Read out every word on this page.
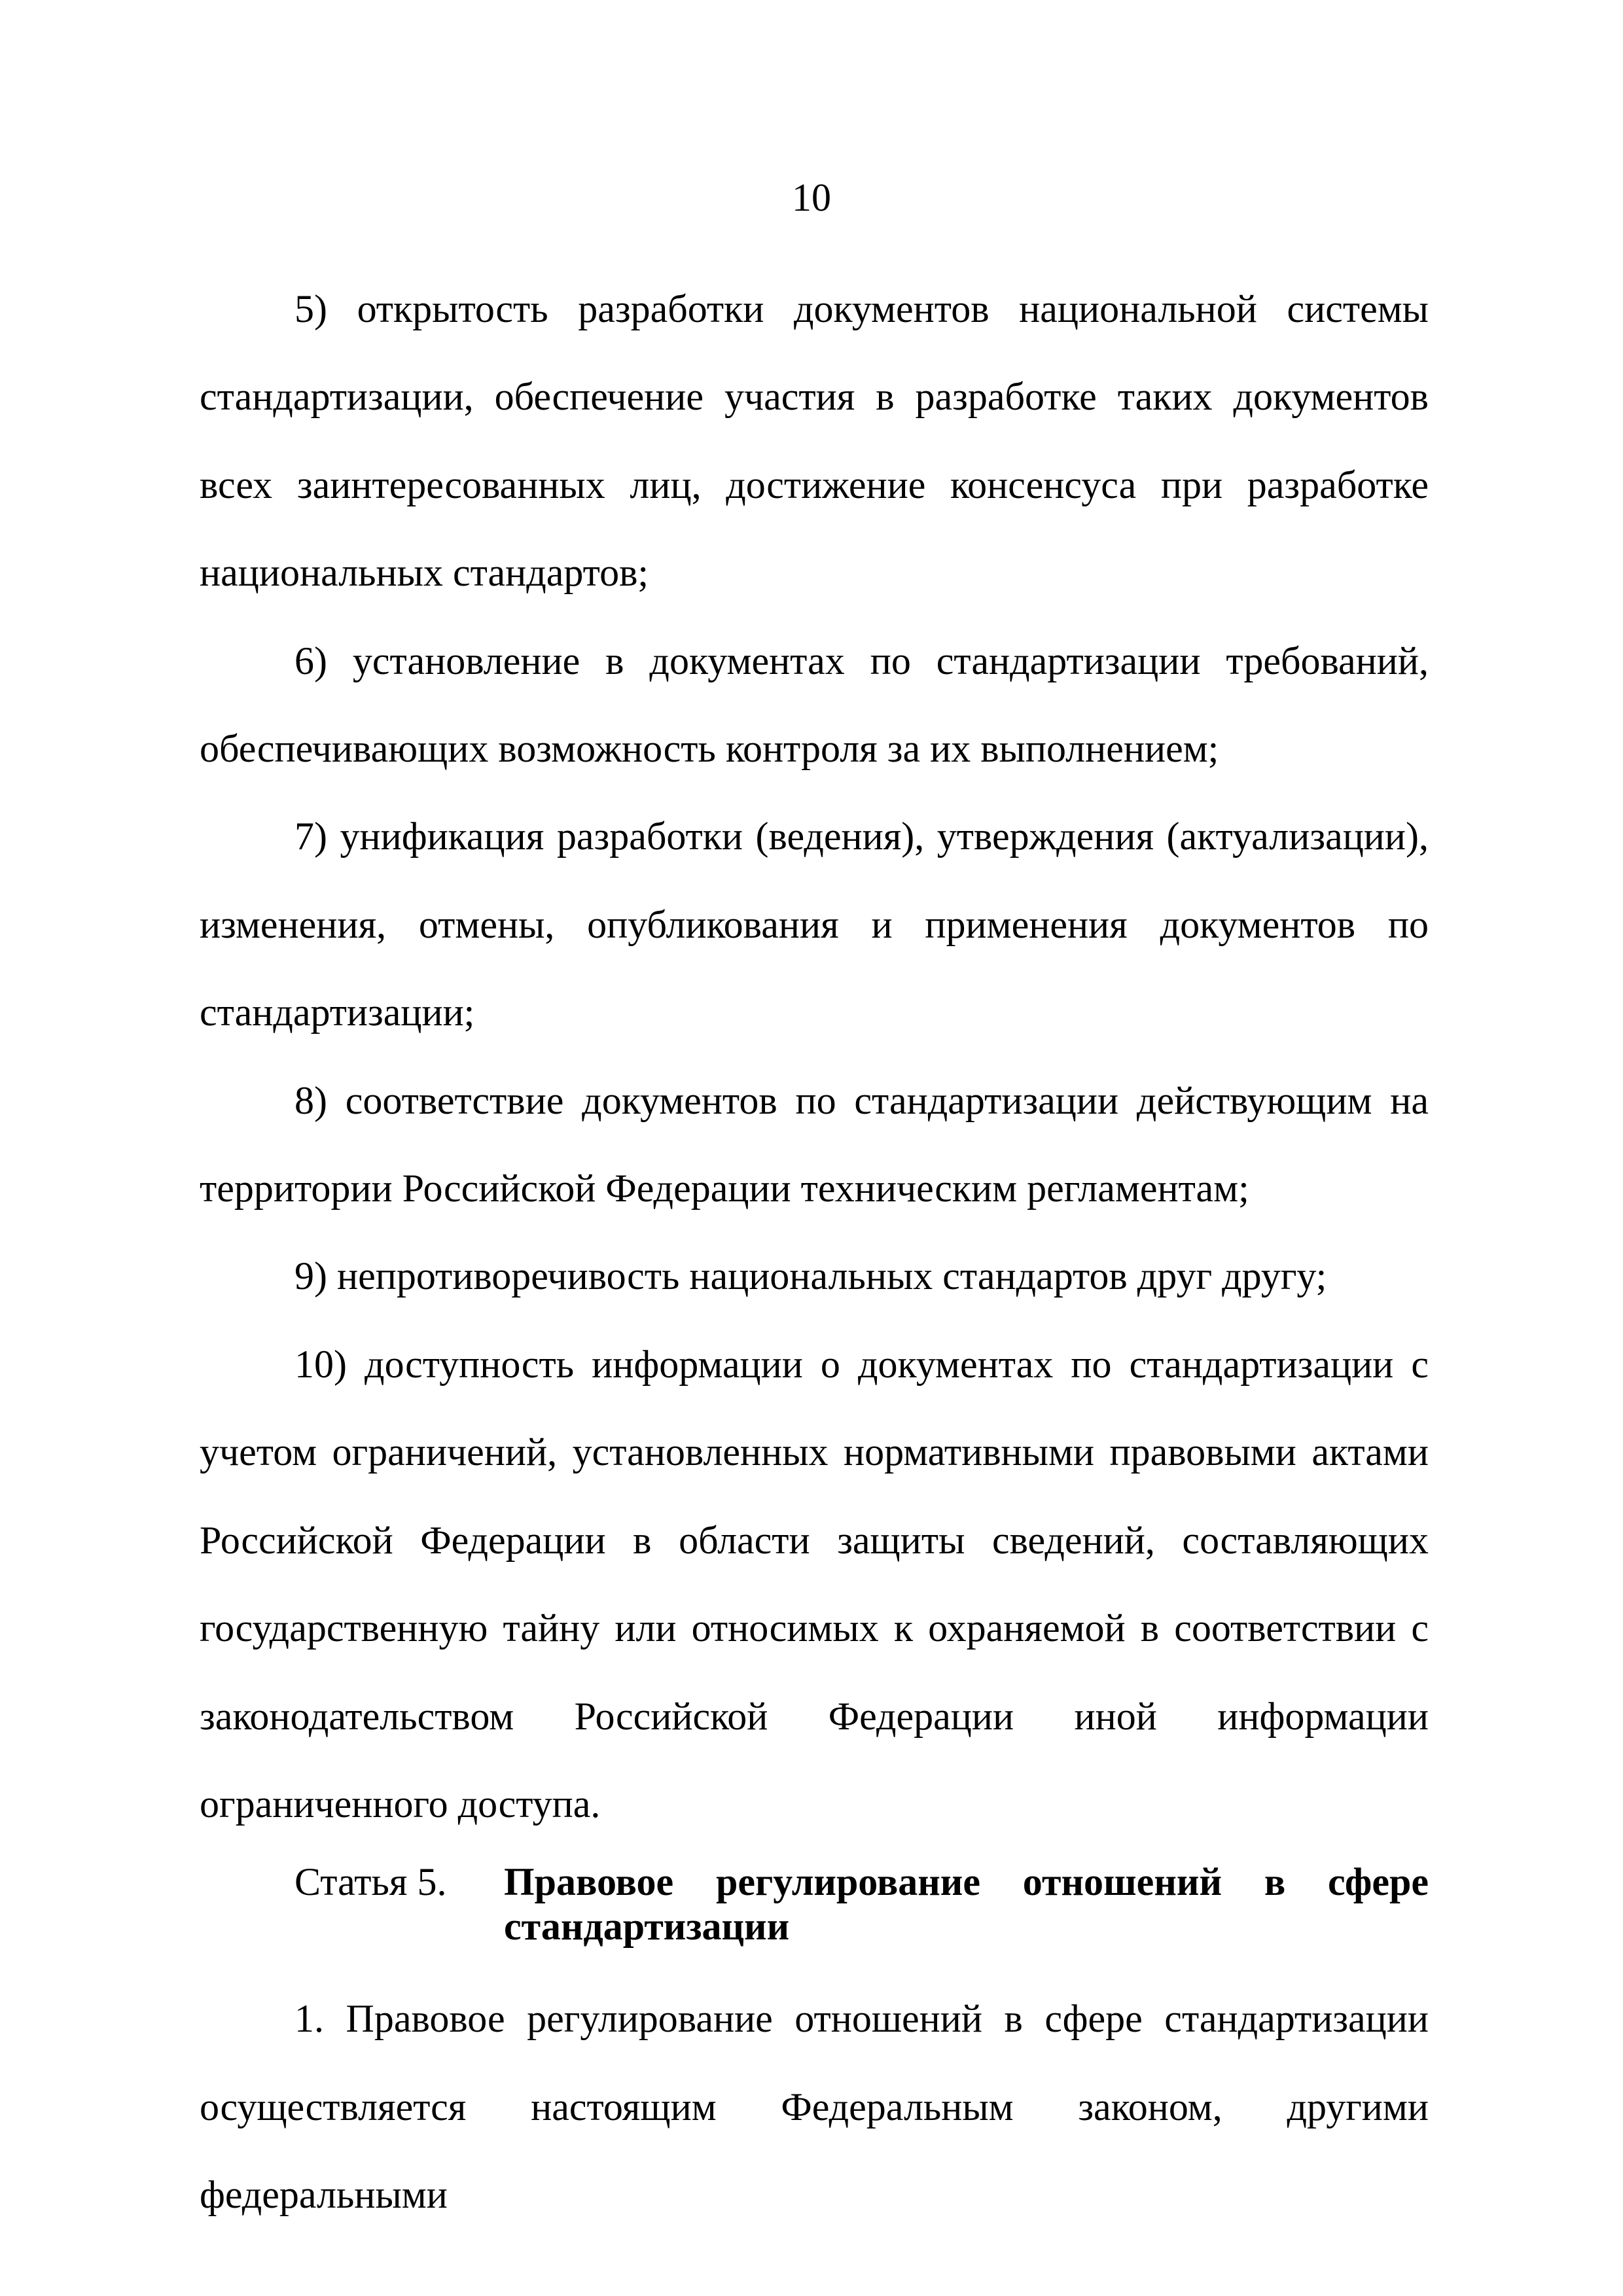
10

5) открытость разработки документов национальной системы стандартизации, обеспечение участия в разработке таких документов всех заинтересованных лиц, достижение консенсуса при разработке национальных стандартов;

6) установление в документах по стандартизации требований, обеспечивающих возможность контроля за их выполнением;

7) унификация разработки (ведения), утверждения (актуализации), изменения, отмены, опубликования и применения документов по стандартизации;

8) соответствие документов по стандартизации действующим на территории Российской Федерации техническим регламентам;

9) непротиворечивость национальных стандартов друг другу;

10) доступность информации о документах по стандартизации с учетом ограничений, установленных нормативными правовыми актами Российской Федерации в области защиты сведений, составляющих государственную тайну или относимых к охраняемой в соответствии с законодательством Российской Федерации иной информации ограниченного доступа.

Статья 5.	Правовое регулирование отношений в сфере стандартизации

1. Правовое регулирование отношений в сфере стандартизации осуществляется настоящим Федеральным законом, другими федеральными
